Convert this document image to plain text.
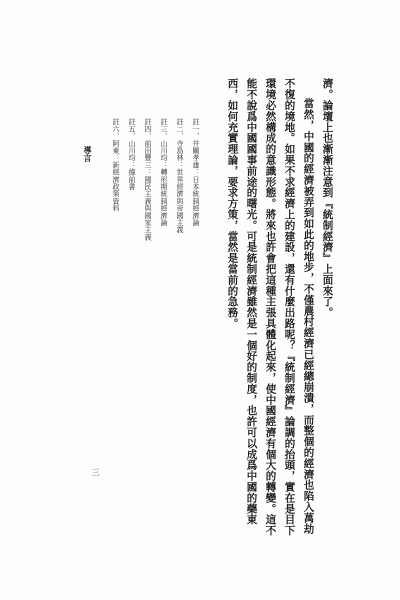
濟。論壇上也漸漸注意到『統制經濟』上面來了。
當然，中國的經濟被弄到如此的地步，不僅農村經濟已經總崩潰，而整個的經濟也陷入萬劫
不復的境地。如果不求經濟上的建設，還有什麼出路呢？『統制經濟』論調的抬頭，實在是目下
環境必然構成的意識形態。將來也許會把這種主張具體化起來，使中國經濟有個大的轉變。這不
能不說爲中國國事前途的曙光。可是統制經濟雖然是一個好的制度，也許可以成爲中國的藥東
西，如何充實理論，要求方策，當然是當前的急務。
註一、井關孝雄：日本統制經濟論
註二、寺島林：世界經濟與帝國主義
註三、山川均：轉形期統制經濟論
註四、前田豐三：國民主義與國家主義
註五、山川均：據前書
註六、阿東：新經濟政策資料
導言
三
